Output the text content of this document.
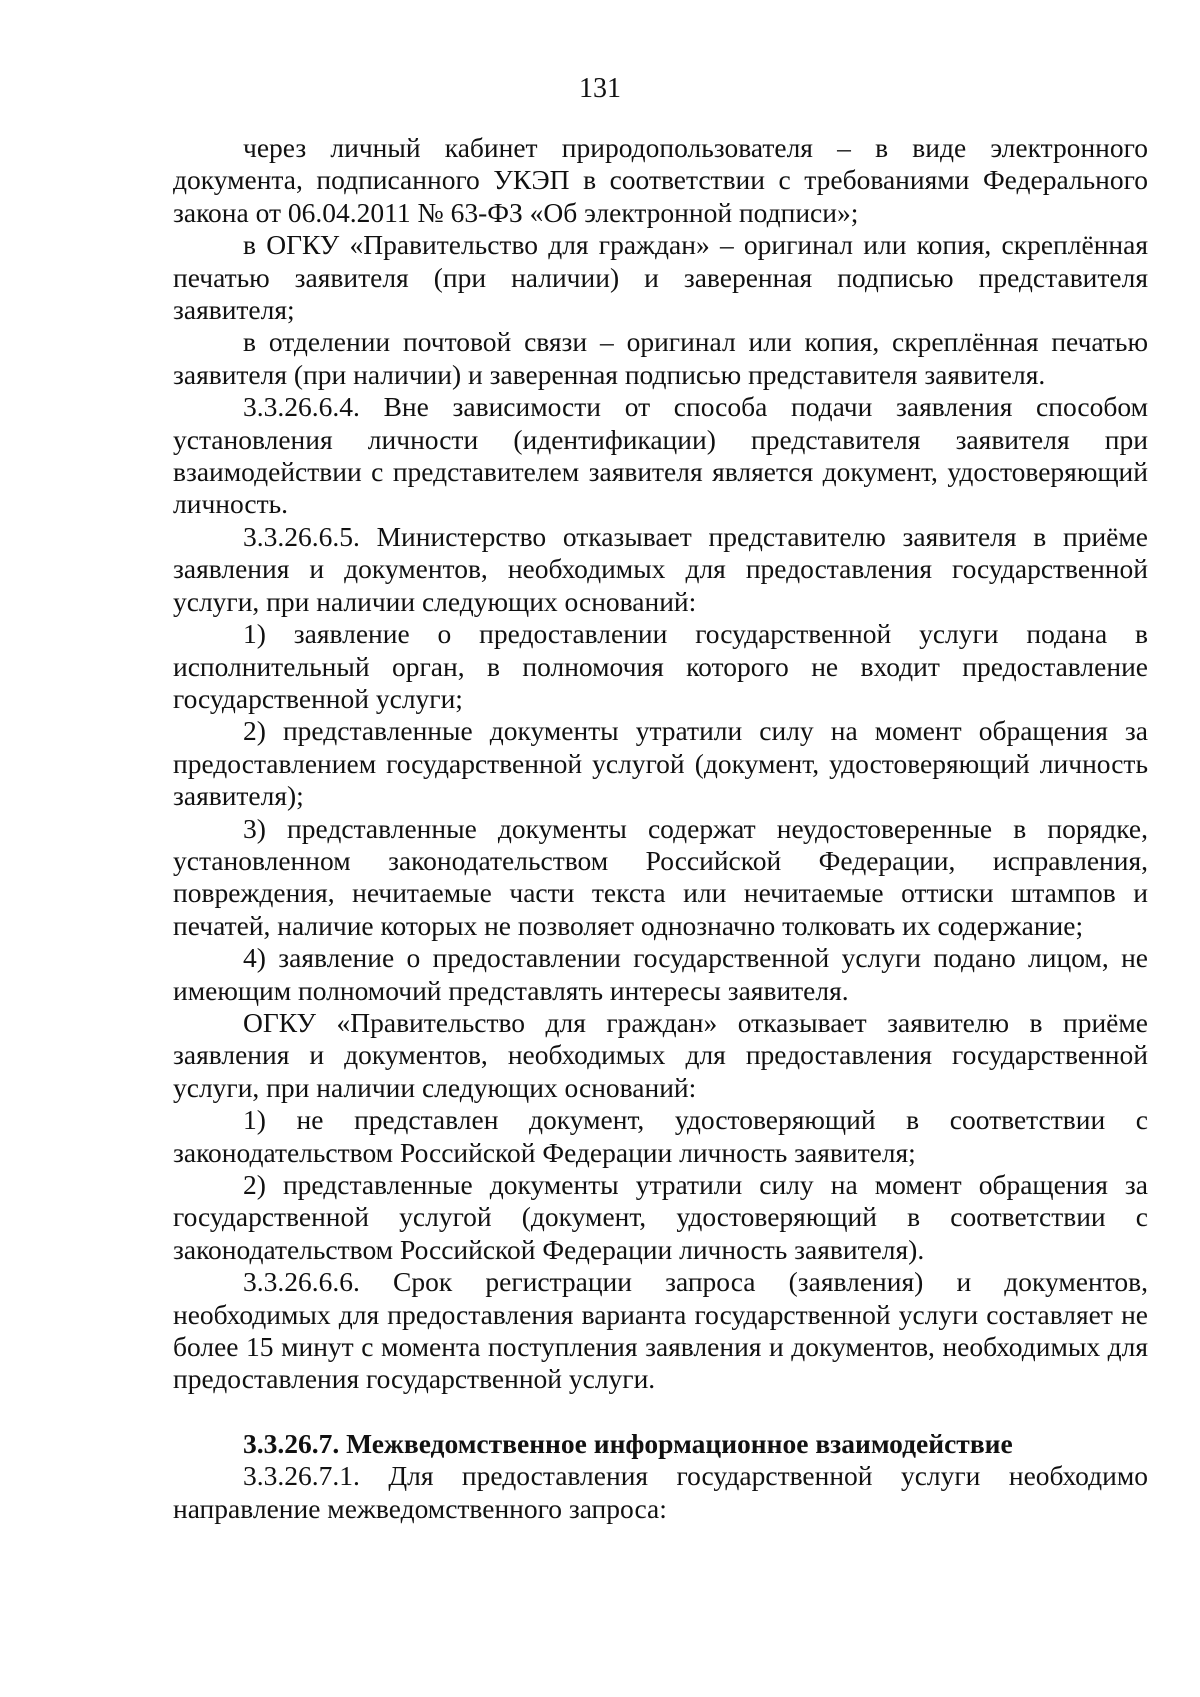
131

через личный кабинет природопользователя – в виде электронного документа, подписанного УКЭП в соответствии с требованиями Федерального закона от 06.04.2011 № 63-ФЗ «Об электронной подписи»;

в ОГКУ «Правительство для граждан» – оригинал или копия, скреплённая печатью заявителя (при наличии) и заверенная подписью представителя заявителя;

в отделении почтовой связи – оригинал или копия, скреплённая печатью заявителя (при наличии) и заверенная подписью представителя заявителя.

3.3.26.6.4. Вне зависимости от способа подачи заявления способом установления личности (идентификации) представителя заявителя при взаимодействии с представителем заявителя является документ, удостоверяющий личность.

3.3.26.6.5. Министерство отказывает представителю заявителя в приёме заявления и документов, необходимых для предоставления государственной услуги, при наличии следующих оснований:

1) заявление о предоставлении государственной услуги подана в исполнительный орган, в полномочия которого не входит предоставление государственной услуги;

2) представленные документы утратили силу на момент обращения за предоставлением государственной услугой (документ, удостоверяющий личность заявителя);

3) представленные документы содержат неудостоверенные в порядке, установленном законодательством Российской Федерации, исправления, повреждения, нечитаемые части текста или нечитаемые оттиски штампов и печатей, наличие которых не позволяет однозначно толковать их содержание;

4) заявление о предоставлении государственной услуги подано лицом, не имеющим полномочий представлять интересы заявителя.

ОГКУ «Правительство для граждан» отказывает заявителю в приёме заявления и документов, необходимых для предоставления государственной услуги, при наличии следующих оснований:

1) не представлен документ, удостоверяющий в соответствии с законодательством Российской Федерации личность заявителя;

2) представленные документы утратили силу на момент обращения за государственной услугой (документ, удостоверяющий в соответствии с законодательством Российской Федерации личность заявителя).

3.3.26.6.6. Срок регистрации запроса (заявления) и документов, необходимых для предоставления варианта государственной услуги составляет не более 15 минут с момента поступления заявления и документов, необходимых для предоставления государственной услуги.

3.3.26.7. Межведомственное информационное взаимодействие

3.3.26.7.1. Для предоставления государственной услуги необходимо направление межведомственного запроса:
